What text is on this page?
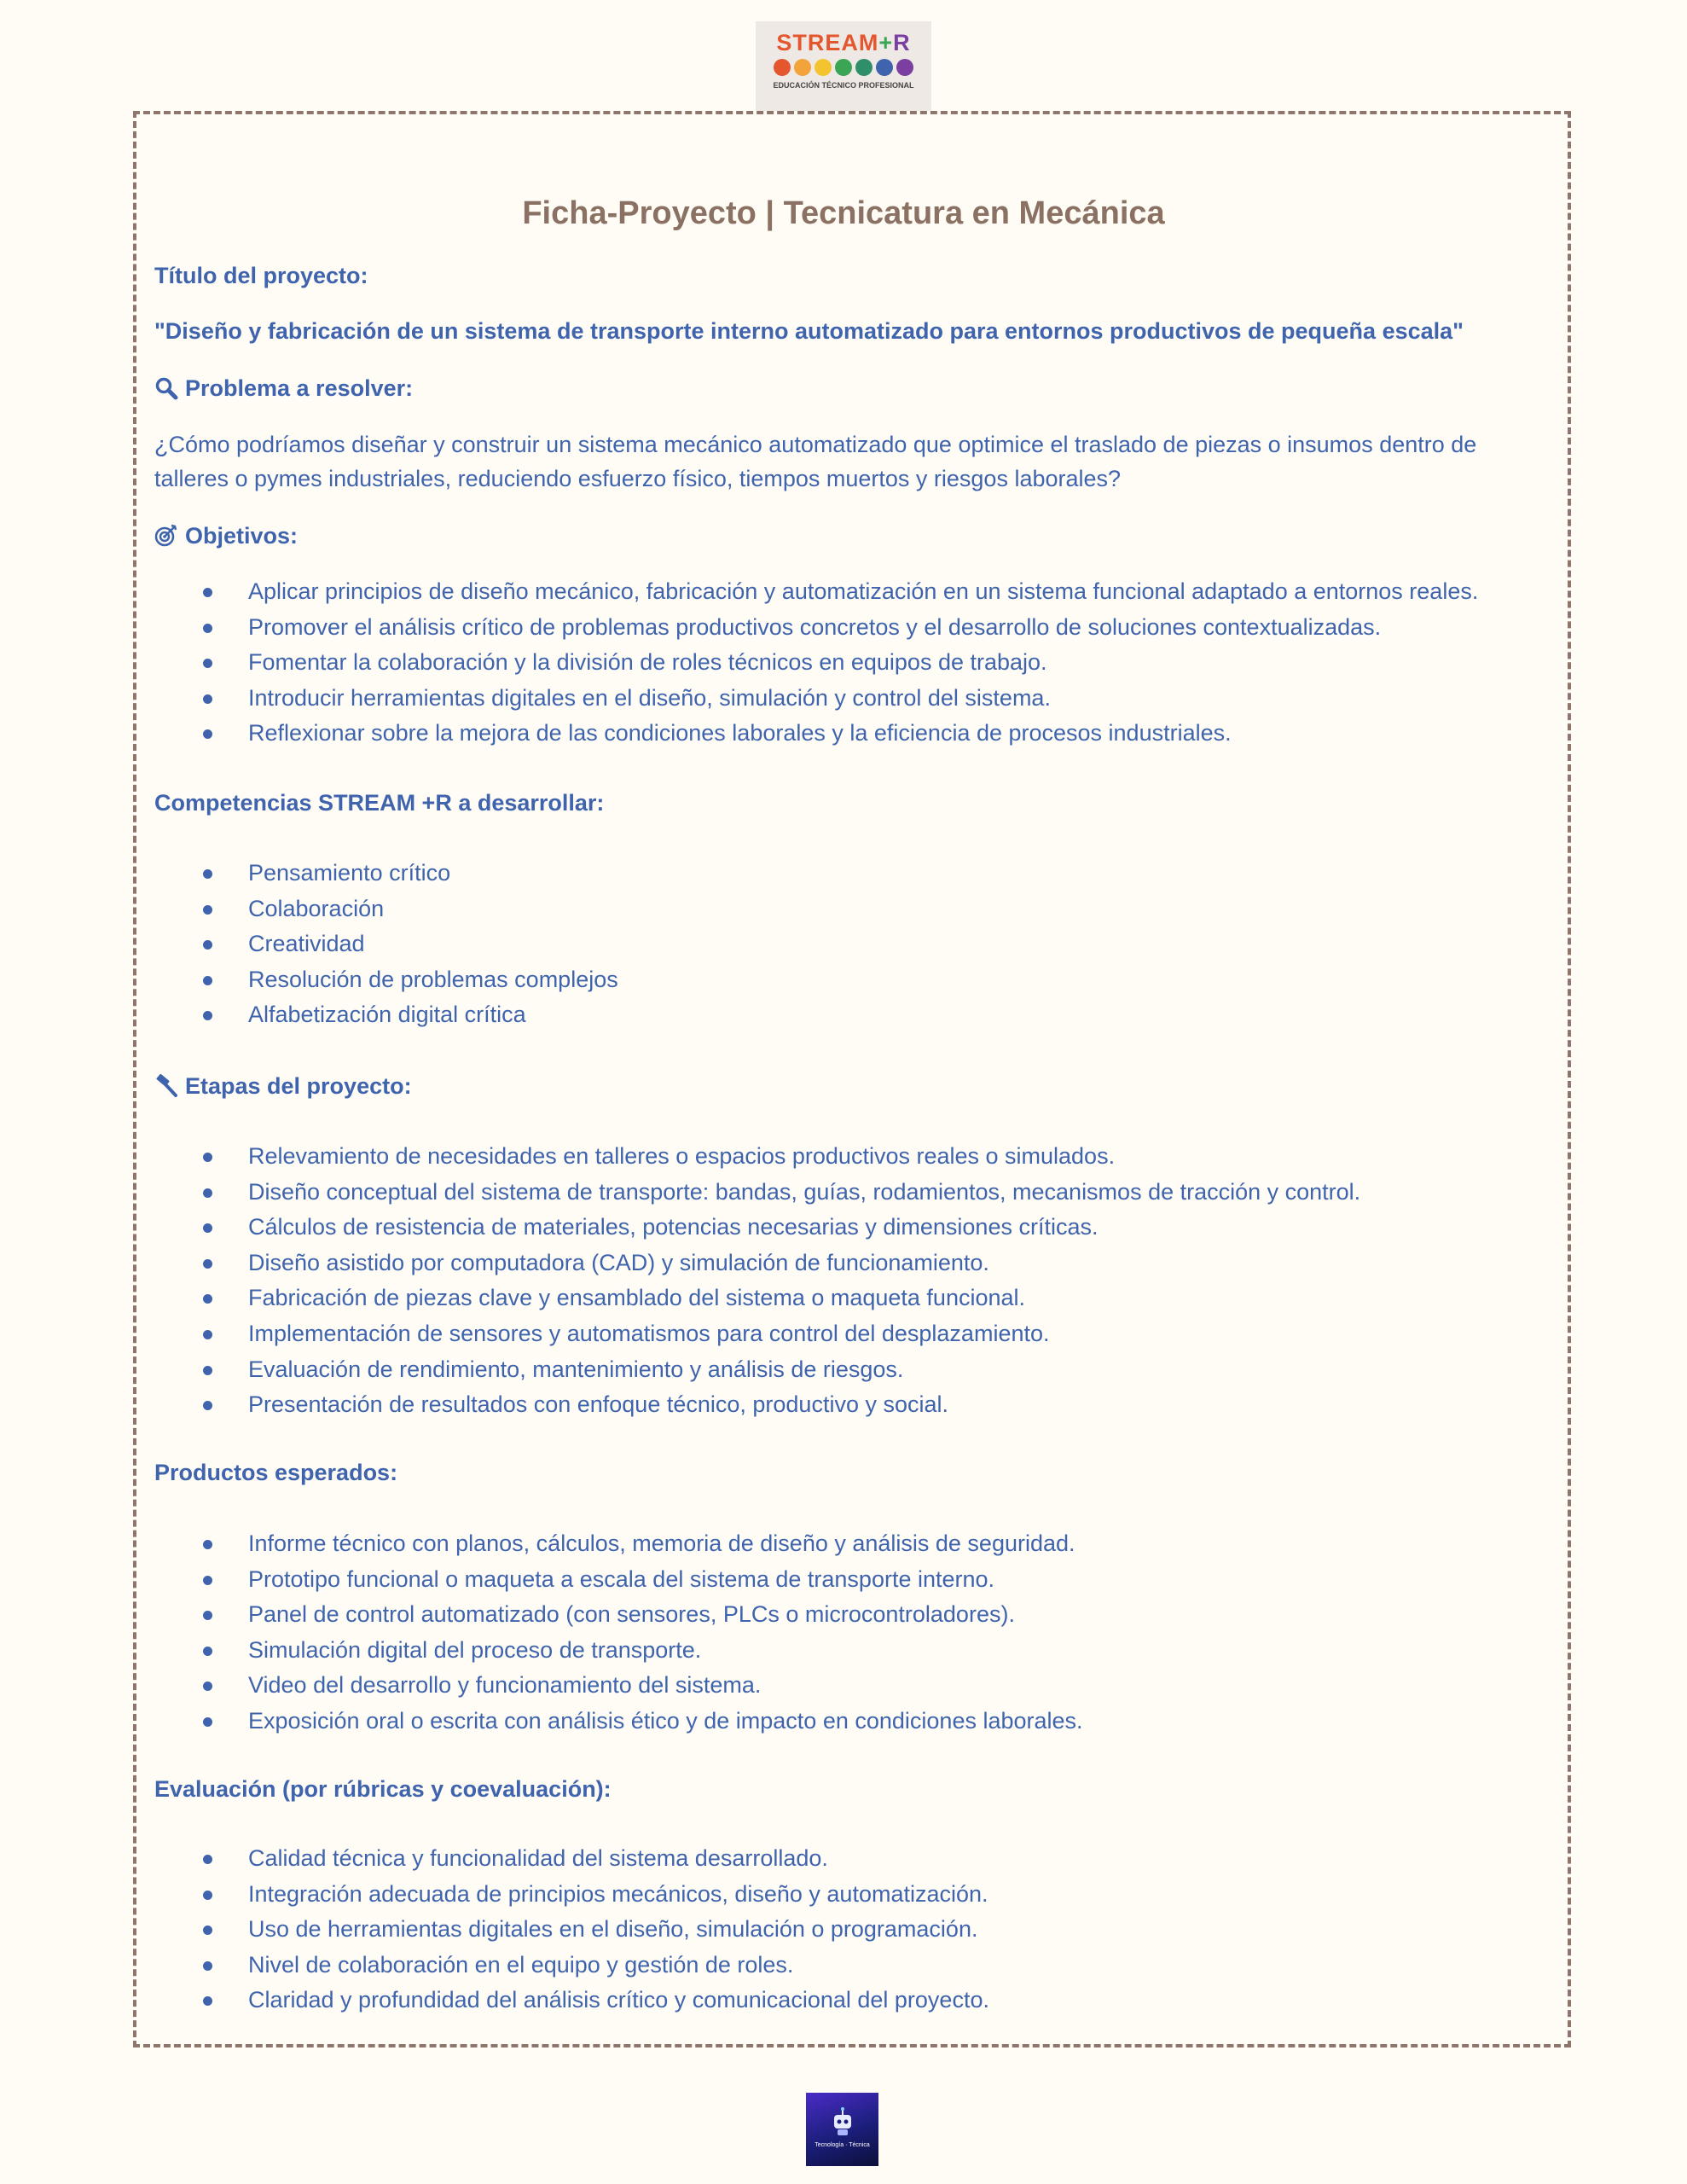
STREAM+R
EDUCACIÓN TÉCNICO PROFESIONAL
Ficha-Proyecto | Tecnicatura en Mecánica
Título del proyecto:
"Diseño y fabricación de un sistema de transporte interno automatizado para entornos productivos de pequeña escala"
Problema a resolver:

¿Cómo podríamos diseñar y construir un sistema mecánico automatizado que optimice el traslado de piezas o insumos dentro de

talleres o pymes industriales, reduciendo esfuerzo físico, tiempos muertos y riesgos laborales?

Objetivos:
Aplicar principios de diseño mecánico, fabricación y automatización en un sistema funcional adaptado a entornos reales.
Promover el análisis crítico de problemas productivos concretos y el desarrollo de soluciones contextualizadas.
Fomentar la colaboración y la división de roles técnicos en equipos de trabajo.
Introducir herramientas digitales en el diseño, simulación y control del sistema.
Reflexionar sobre la mejora de las condiciones laborales y la eficiencia de procesos industriales.
Competencias STREAM +R a desarrollar:
Pensamiento crítico
Colaboración
Creatividad
Resolución de problemas complejos
Alfabetización digital crítica
Etapas del proyecto:
Relevamiento de necesidades en talleres o espacios productivos reales o simulados.
Diseño conceptual del sistema de transporte: bandas, guías, rodamientos, mecanismos de tracción y control.
Cálculos de resistencia de materiales, potencias necesarias y dimensiones críticas.
Diseño asistido por computadora (CAD) y simulación de funcionamiento.
Fabricación de piezas clave y ensamblado del sistema o maqueta funcional.
Implementación de sensores y automatismos para control del desplazamiento.
Evaluación de rendimiento, mantenimiento y análisis de riesgos.
Presentación de resultados con enfoque técnico, productivo y social.
Productos esperados:
Informe técnico con planos, cálculos, memoria de diseño y análisis de seguridad.
Prototipo funcional o maqueta a escala del sistema de transporte interno.
Panel de control automatizado (con sensores, PLCs o microcontroladores).
Simulación digital del proceso de transporte.
Video del desarrollo y funcionamiento del sistema.
Exposición oral o escrita con análisis ético y de impacto en condiciones laborales.
Evaluación (por rúbricas y coevaluación):
Calidad técnica y funcionalidad del sistema desarrollado.
Integración adecuada de principios mecánicos, diseño y automatización.
Uso de herramientas digitales en el diseño, simulación o programación.
Nivel de colaboración en el equipo y gestión de roles.
Claridad y profundidad del análisis crítico y comunicacional del proyecto.
Tecnología · Técnica
